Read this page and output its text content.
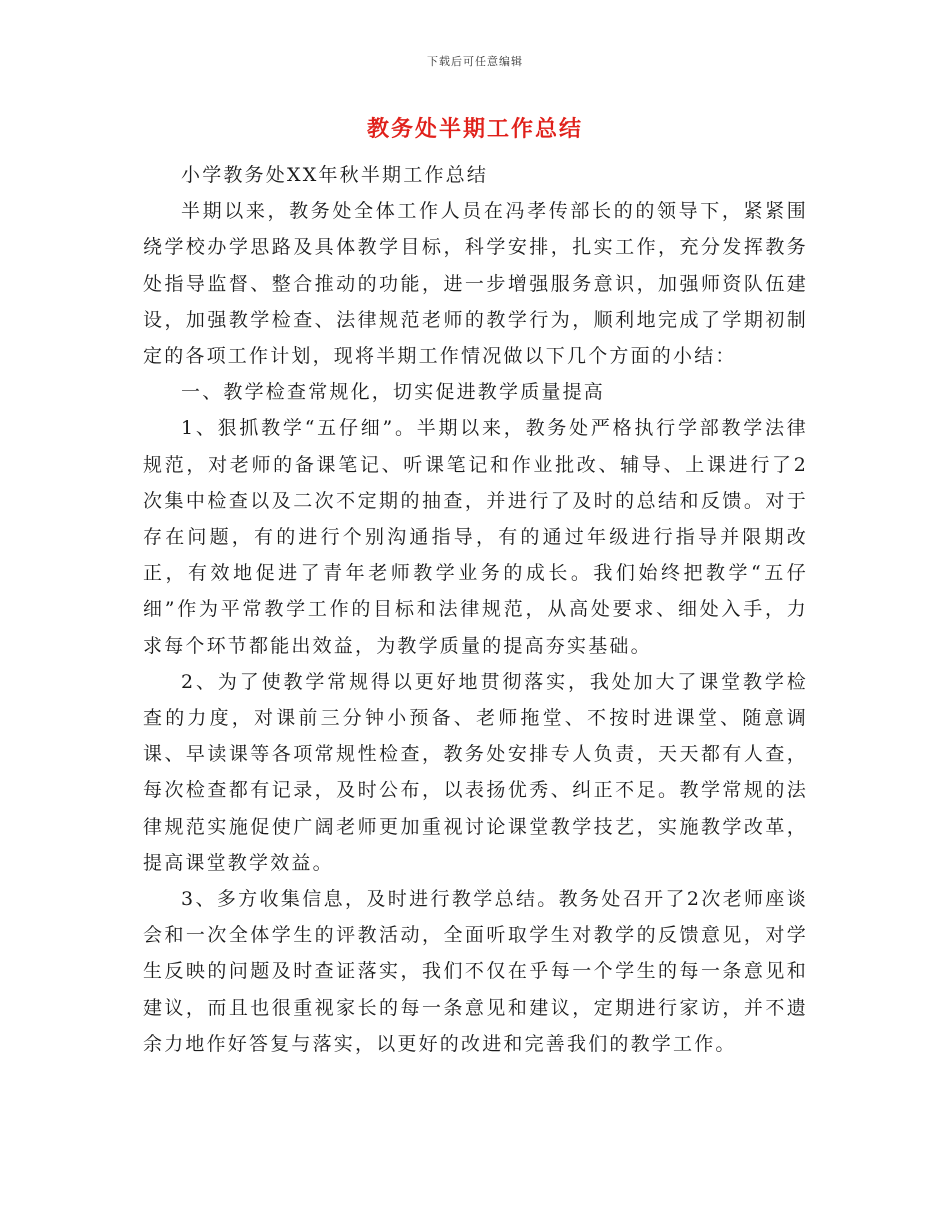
下载后可任意编辑
教务处半期工作总结

小学教务处XX年秋半期工作总结

半期以来，教务处全体工作人员在冯孝传部长的的领导下，紧紧围绕学校办学思路及具体教学目标，科学安排，扎实工作，充分发挥教务处指导监督、整合推动的功能，进一步增强服务意识，加强师资队伍建设，加强教学检查、法律规范老师的教学行为，顺利地完成了学期初制定的各项工作计划，现将半期工作情况做以下几个方面的小结：

一、教学检查常规化，切实促进教学质量提高

1、狠抓教学“五仔细”。半期以来，教务处严格执行学部教学法律规范，对老师的备课笔记、听课笔记和作业批改、辅导、上课进行了2次集中检查以及二次不定期的抽查，并进行了及时的总结和反馈。对于存在问题，有的进行个别沟通指导，有的通过年级进行指导并限期改正，有效地促进了青年老师教学业务的成长。我们始终把教学“五仔细”作为平常教学工作的目标和法律规范，从高处要求、细处入手，力求每个环节都能出效益，为教学质量的提高夯实基础。

2、为了使教学常规得以更好地贯彻落实，我处加大了课堂教学检查的力度，对课前三分钟小预备、老师拖堂、不按时进课堂、随意调课、早读课等各项常规性检查，教务处安排专人负责，天天都有人查，每次检查都有记录，及时公布，以表扬优秀、纠正不足。教学常规的法律规范实施促使广阔老师更加重视讨论课堂教学技艺，实施教学改革，提高课堂教学效益。

3、多方收集信息，及时进行教学总结。教务处召开了2次老师座谈会和一次全体学生的评教活动，全面听取学生对教学的反馈意见，对学生反映的问题及时查证落实，我们不仅在乎每一个学生的每一条意见和建议，而且也很重视家长的每一条意见和建议，定期进行家访，并不遗余力地作好答复与落实，以更好的改进和完善我们的教学工作。
